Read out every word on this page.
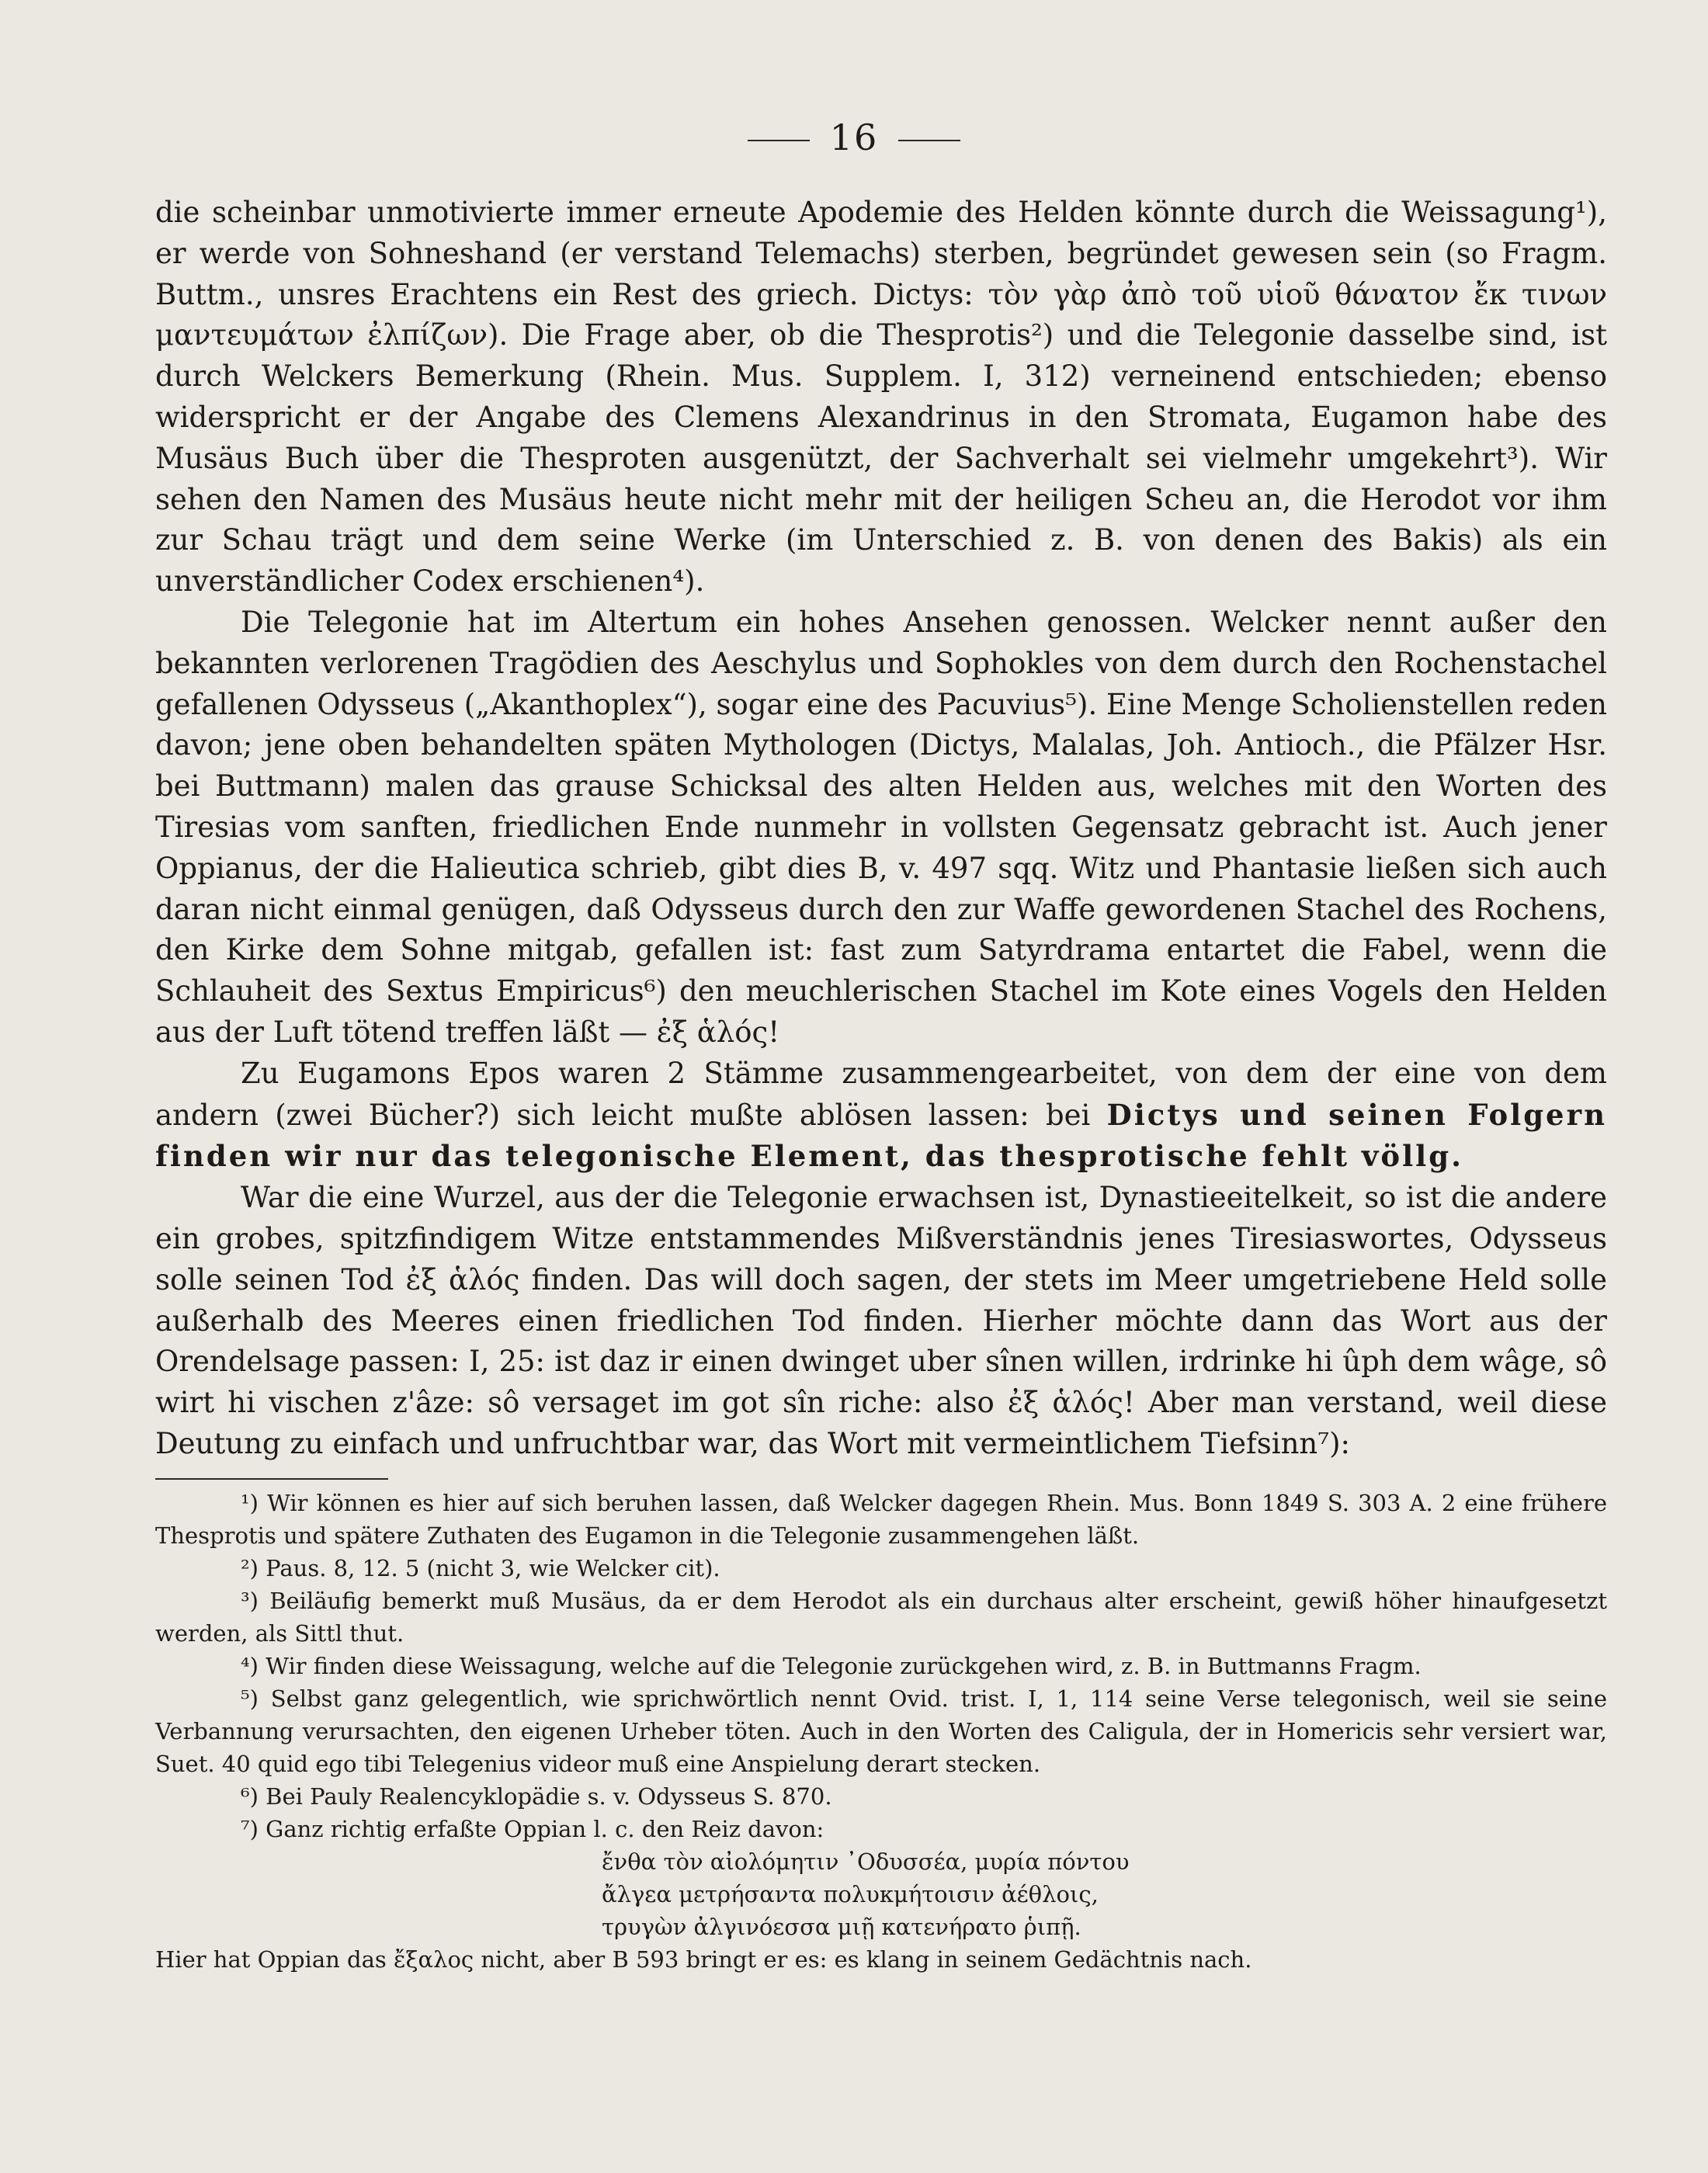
16

die scheinbar unmotivierte immer erneute Apodemie des Helden könnte durch die Weissagung¹), er werde von Sohneshand (er verstand Telemachs) sterben, begründet gewesen sein (so Fragm. Buttm., unsres Erachtens ein Rest des griech. Dictys: τὸν γὰρ ἀπὸ τοῦ υἱοῦ θάνατον ἔκ τινων μαντευμάτων ἐλπίζων). Die Frage aber, ob die Thesprotis²) und die Telegonie dasselbe sind, ist durch Welckers Bemerkung (Rhein. Mus. Supplem. I, 312) verneinend entschieden; ebenso widerspricht er der Angabe des Clemens Alexandrinus in den Stromata, Eugamon habe des Musäus Buch über die Thesproten ausgenützt, der Sachverhalt sei vielmehr umgekehrt³). Wir sehen den Namen des Musäus heute nicht mehr mit der heiligen Scheu an, die Herodot vor ihm zur Schau trägt und dem seine Werke (im Unterschied z. B. von denen des Bakis) als ein unverständlicher Codex erschienen⁴).

Die Telegonie hat im Altertum ein hohes Ansehen genossen. Welcker nennt außer den bekannten verlorenen Tragödien des Aeschylus und Sophokles von dem durch den Rochenstachel gefallenen Odysseus („Akanthoplex“), sogar eine des Pacuvius⁵). Eine Menge Scholienstellen reden davon; jene oben behandelten späten Mythologen (Dictys, Malalas, Joh. Antioch., die Pfälzer Hsr. bei Buttmann) malen das grause Schicksal des alten Helden aus, welches mit den Worten des Tiresias vom sanften, friedlichen Ende nunmehr in vollsten Gegensatz gebracht ist. Auch jener Oppianus, der die Halieutica schrieb, gibt dies B, v. 497 sqq. Witz und Phantasie ließen sich auch daran nicht einmal genügen, daß Odysseus durch den zur Waffe gewordenen Stachel des Rochens, den Kirke dem Sohne mitgab, gefallen ist: fast zum Satyrdrama entartet die Fabel, wenn die Schlauheit des Sextus Empiricus⁶) den meuchlerischen Stachel im Kote eines Vogels den Helden aus der Luft tötend treffen läßt — ἐξ ἁλός!

Zu Eugamons Epos waren 2 Stämme zusammengearbeitet, von dem der eine von dem andern (zwei Bücher?) sich leicht mußte ablösen lassen: bei Dictys und seinen Folgern finden wir nur das telegonische Element, das thesprotische fehlt völlg.

War die eine Wurzel, aus der die Telegonie erwachsen ist, Dynastieeitelkeit, so ist die andere ein grobes, spitzfindigem Witze entstammendes Mißverständnis jenes Tiresiaswortes, Odysseus solle seinen Tod ἐξ ἁλός finden. Das will doch sagen, der stets im Meer umgetriebene Held solle außerhalb des Meeres einen friedlichen Tod finden. Hierher möchte dann das Wort aus der Orendelsage passen: I, 25: ist daz ir einen dwinget uber sînen willen, irdrinke hi ûph dem wâge, sô wirt hi vischen z'âze: sô versaget im got sîn riche: also ἐξ ἁλός! Aber man verstand, weil diese Deutung zu einfach und unfruchtbar war, das Wort mit vermeintlichem Tiefsinn⁷):

¹) Wir können es hier auf sich beruhen lassen, daß Welcker dagegen Rhein. Mus. Bonn 1849 S. 303 A. 2 eine frühere Thesprotis und spätere Zuthaten des Eugamon in die Telegonie zusammengehen läßt.

²) Paus. 8, 12. 5 (nicht 3, wie Welcker cit).

³) Beiläufig bemerkt muß Musäus, da er dem Herodot als ein durchaus alter erscheint, gewiß höher hinaufgesetzt werden, als Sittl thut.

⁴) Wir finden diese Weissagung, welche auf die Telegonie zurückgehen wird, z. B. in Buttmanns Fragm.

⁵) Selbst ganz gelegentlich, wie sprichwörtlich nennt Ovid. trist. I, 1, 114 seine Verse telegonisch, weil sie seine Verbannung verursachten, den eigenen Urheber töten. Auch in den Worten des Caligula, der in Homericis sehr versiert war, Suet. 40 quid ego tibi Telegenius videor muß eine Anspielung derart stecken.

⁶) Bei Pauly Realencyklopädie s. v. Odysseus S. 870.

⁷) Ganz richtig erfaßte Oppian l. c. den Reiz davon:

ἔνθα τὸν αἰολόμητιν ᾿Οδυσσέα, μυρία πόντου
ἄλγεα μετρήσαντα πολυκμήτοισιν ἀέθλοις,
τρυγὼν ἀλγινόεσσα μιῇ κατενήρατο ῥιπῇ.

Hier hat Oppian das ἔξαλος nicht, aber B 593 bringt er es: es klang in seinem Gedächtnis nach.
